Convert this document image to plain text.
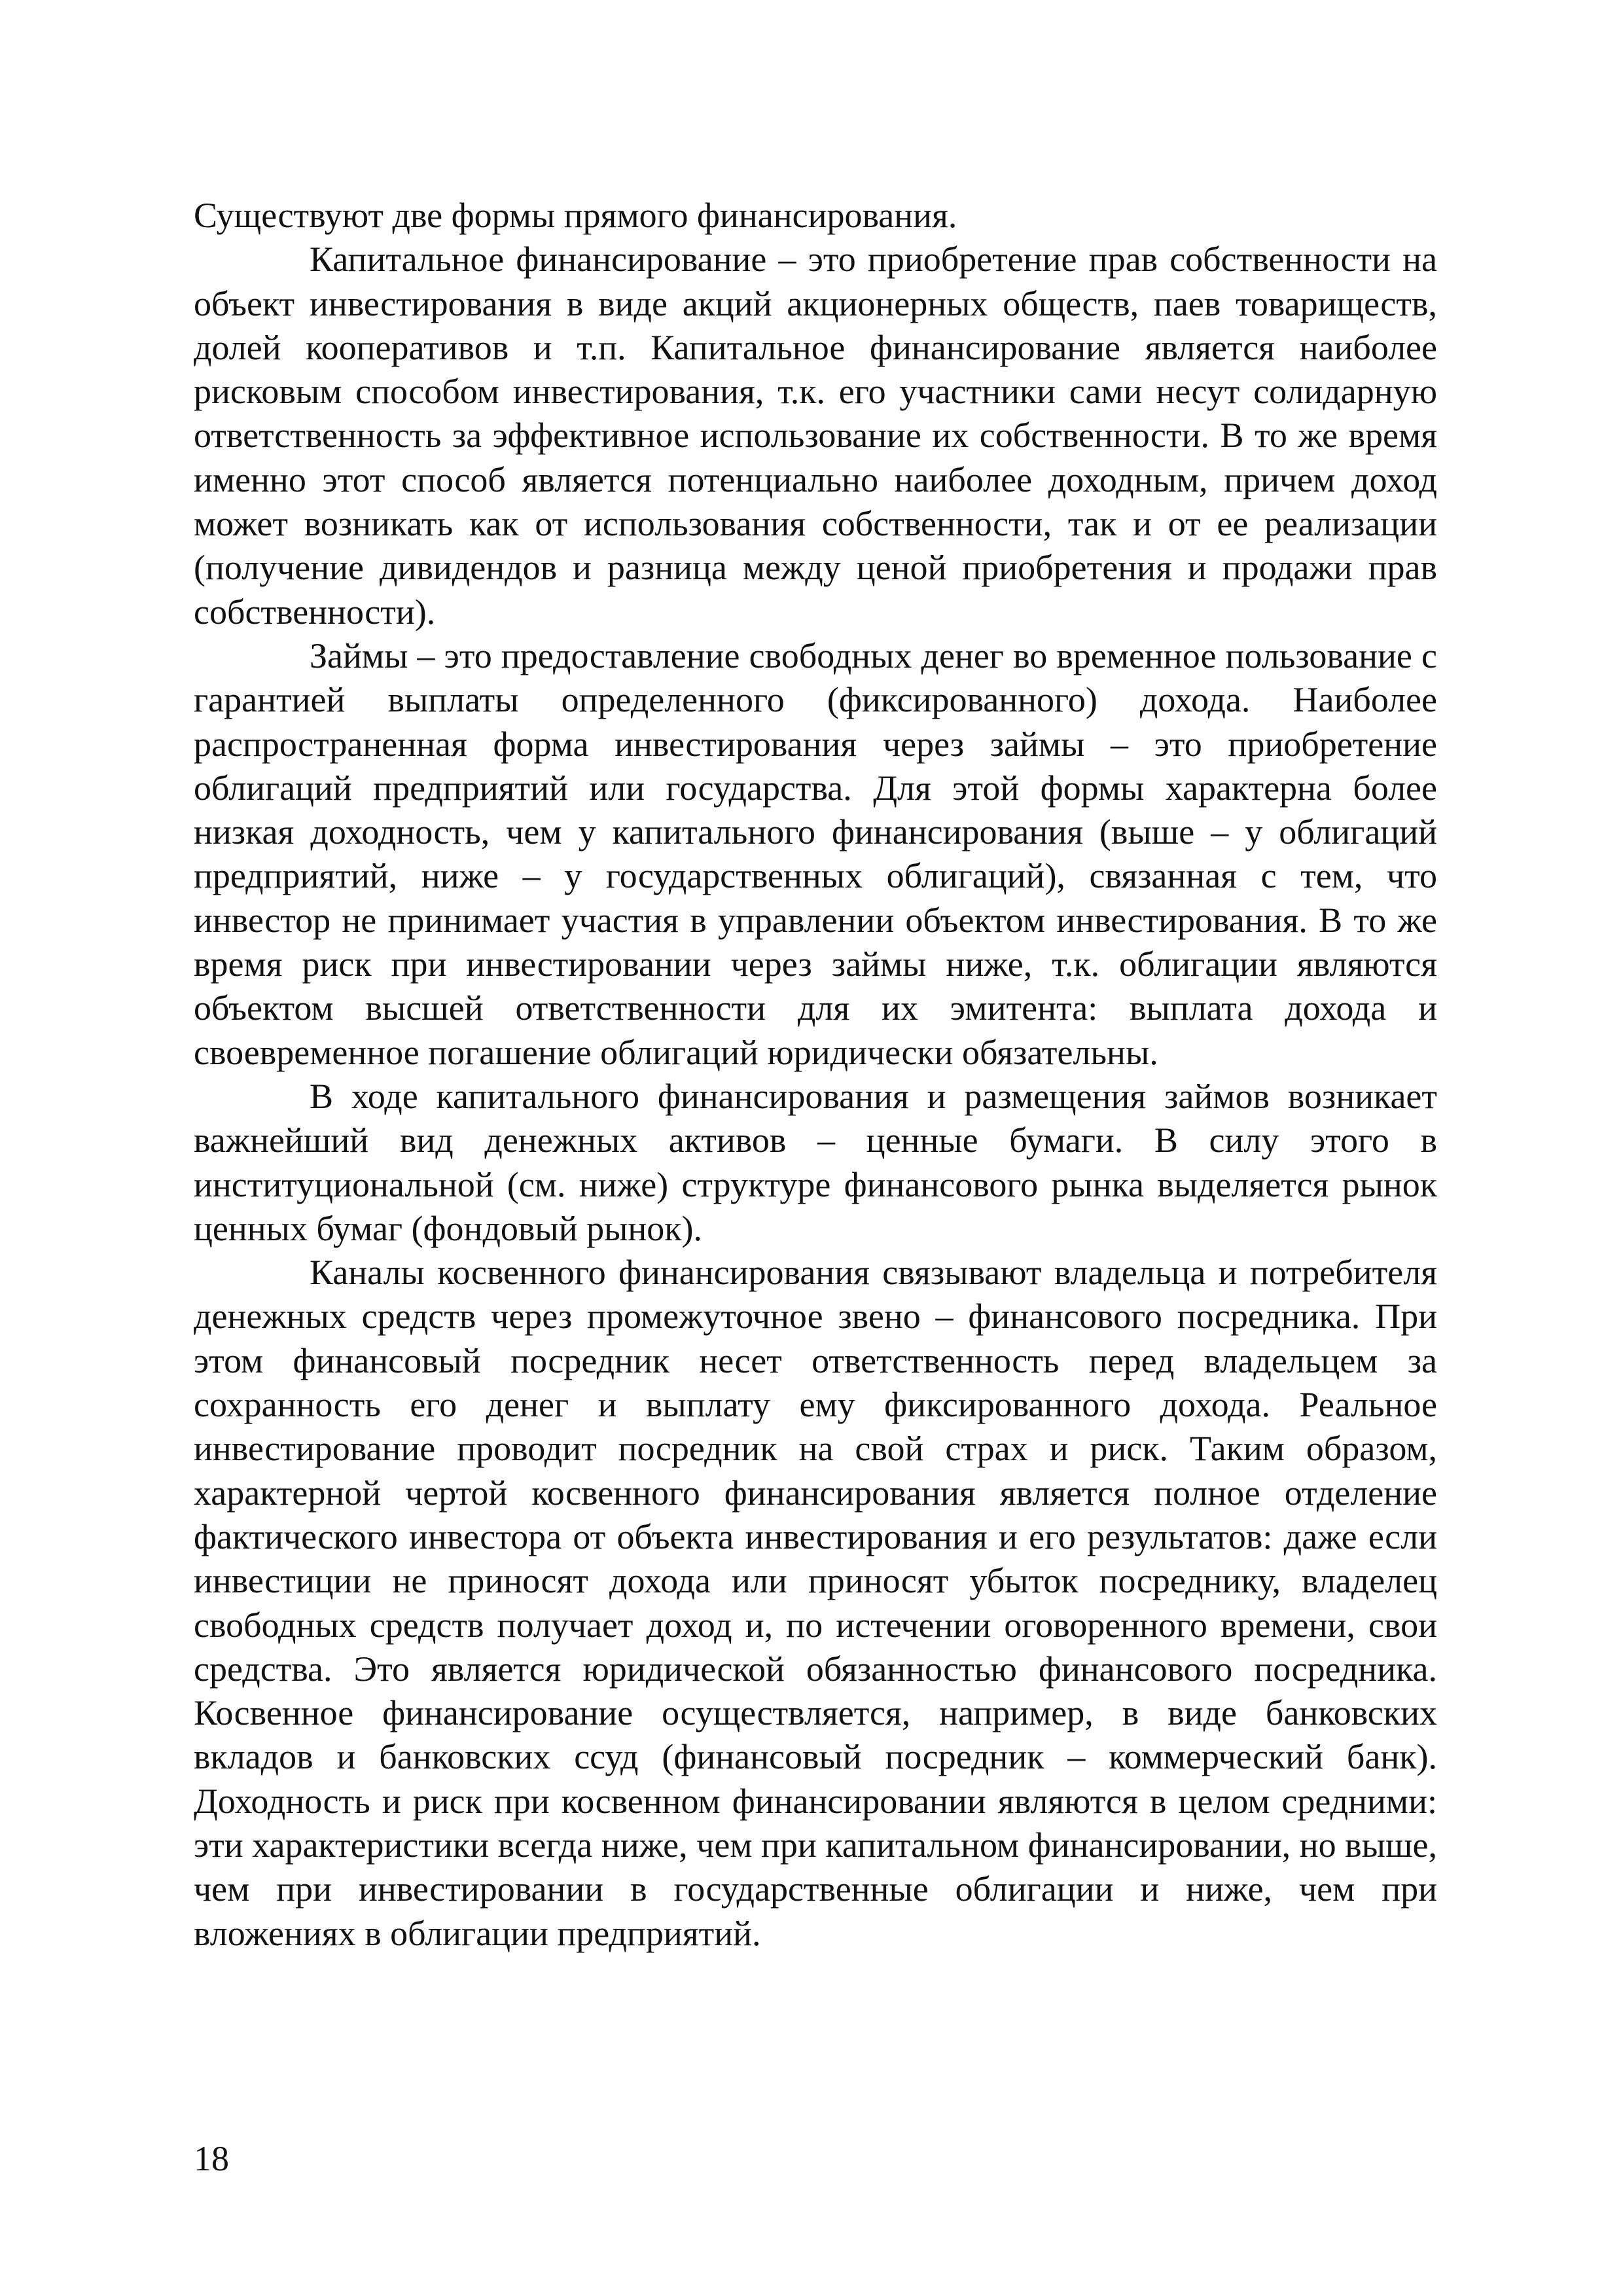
Существуют две формы прямого финансирования.

Капитальное финансирование – это приобретение прав собственности на объект инвестирования в виде акций акционерных обществ, паев товариществ, долей кооперативов и т.п. Капитальное финансирование является наиболее рисковым способом инвестирования, т.к. его участники сами несут солидарную ответственность за эффективное использование их собственности. В то же время именно этот способ является потенциально наиболее доходным, причем доход может возникать как от использования собственности, так и от ее реализации (получение дивидендов и разница между ценой приобретения и продажи прав собственности).

Займы – это предоставление свободных денег во временное пользование с гарантией выплаты определенного (фиксированного) дохода. Наиболее распространенная форма инвестирования через займы – это приобретение облигаций предприятий или государства. Для этой формы характерна более низкая доходность, чем у капитального финансирования (выше – у облигаций предприятий, ниже – у государственных облигаций), связанная с тем, что инвестор не принимает участия в управлении объектом инвестирования. В то же время риск при инвестировании через займы ниже, т.к. облигации являются объектом высшей ответственности для их эмитента: выплата дохода и своевременное погашение облигаций юридически обязательны.

В ходе капитального финансирования и размещения займов возникает важнейший вид денежных активов – ценные бумаги. В силу этого в институциональной (см. ниже) структуре финансового рынка выделяется рынок ценных бумаг (фондовый рынок).

Каналы косвенного финансирования связывают владельца и потребителя денежных средств через промежуточное звено – финансового посредника. При этом финансовый посредник несет ответственность перед владельцем за сохранность его денег и выплату ему фиксированного дохода. Реальное инвестирование проводит посредник на свой страх и риск. Таким образом, характерной чертой косвенного финансирования является полное отделение фактического инвестора от объекта инвестирования и его результатов: даже если инвестиции не приносят дохода или приносят убыток посреднику, владелец свободных средств получает доход и, по истечении оговоренного времени, свои средства. Это является юридической обязанностью финансового посредника. Косвенное финансирование осуществляется, например, в виде банковских вкладов и банковских ссуд (финансовый посредник – коммерческий банк). Доходность и риск при косвенном финансировании являются в целом средними: эти характеристики всегда ниже, чем при капитальном финансировании, но выше, чем при инвестировании в государственные облигации и ниже, чем при вложениях в облигации предприятий.

18
